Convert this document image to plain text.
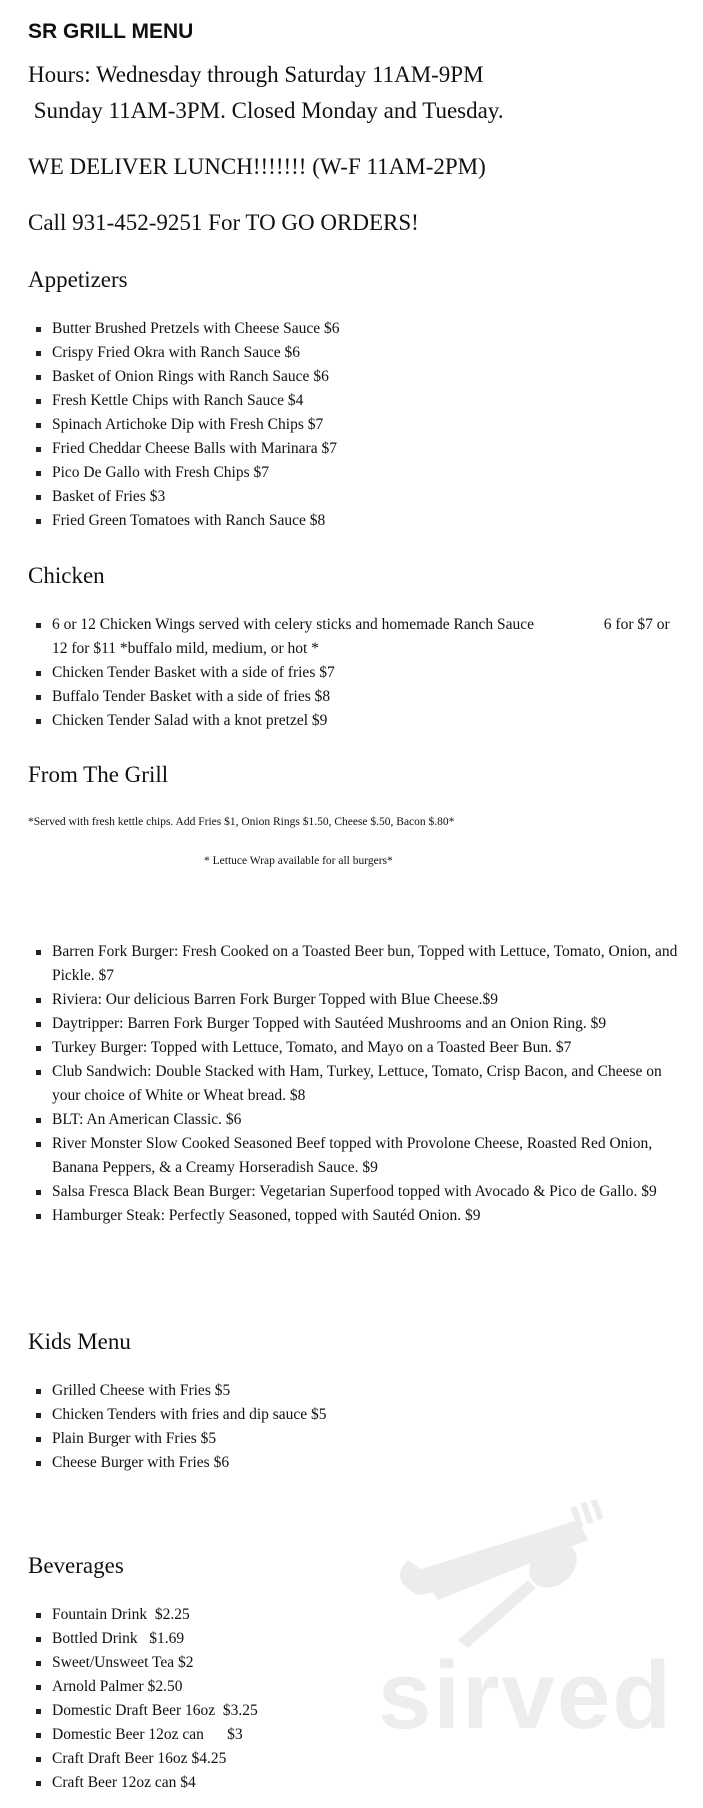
SR GRILL MENU

Hours: Wednesday through Saturday 11AM-9PM

Sunday 11AM-3PM. Closed Monday and Tuesday.

WE DELIVER LUNCH!!!!!!! (W-F 11AM-2PM)

Call 931-452-9251 For TO GO ORDERS!

Appetizers
Butter Brushed Pretzels with Cheese Sauce $6
Crispy Fried Okra with Ranch Sauce $6
Basket of Onion Rings with Ranch Sauce $6
Fresh Kettle Chips with Ranch Sauce $4
Spinach Artichoke Dip with Fresh Chips $7
Fried Cheddar Cheese Balls with Marinara $7
Pico De Gallo with Fresh Chips $7
Basket of Fries $3
Fried Green Tomatoes with Ranch Sauce $8
Chicken
6 or 12 Chicken Wings served with celery sticks and homemade Ranch Sauce                  6 for $7 or 12 for $11 *buffalo mild, medium, or hot *
Chicken Tender Basket with a side of fries $7
Buffalo Tender Basket with a side of fries $8
Chicken Tender Salad with a knot pretzel $9
From The Grill

*Served with fresh kettle chips. Add Fries $1, Onion Rings $1.50, Cheese $.50, Bacon $.80*

* Lettuce Wrap available for all burgers*

Barren Fork Burger: Fresh Cooked on a Toasted Beer bun, Topped with Lettuce, Tomato, Onion, and Pickle. $7
Riviera: Our delicious Barren Fork Burger Topped with Blue Cheese.$9
Daytripper: Barren Fork Burger Topped with Sautéed Mushrooms and an Onion Ring. $9
Turkey Burger: Topped with Lettuce, Tomato, and Mayo on a Toasted Beer Bun. $7
Club Sandwich: Double Stacked with Ham, Turkey, Lettuce, Tomato, Crisp Bacon, and Cheese on your choice of White or Wheat bread. $8
BLT: An American Classic. $6
River Monster Slow Cooked Seasoned Beef topped with Provolone Cheese, Roasted Red Onion, Banana Peppers, & a Creamy Horseradish Sauce. $9
Salsa Fresca Black Bean Burger: Vegetarian Superfood topped with Avocado & Pico de Gallo. $9
Hamburger Steak: Perfectly Seasoned, topped with Sautéd Onion. $9
Kids Menu
Grilled Cheese with Fries $5
Chicken Tenders with fries and dip sauce $5
Plain Burger with Fries $5
Cheese Burger with Fries $6
Beverages
Fountain Drink  $2.25
Bottled Drink   $1.69
Sweet/Unsweet Tea $2
Arnold Palmer $2.50
Domestic Draft Beer 16oz  $3.25
Domestic Beer 12oz can      $3
Craft Draft Beer 16oz $4.25
Craft Beer 12oz can $4
sirved
